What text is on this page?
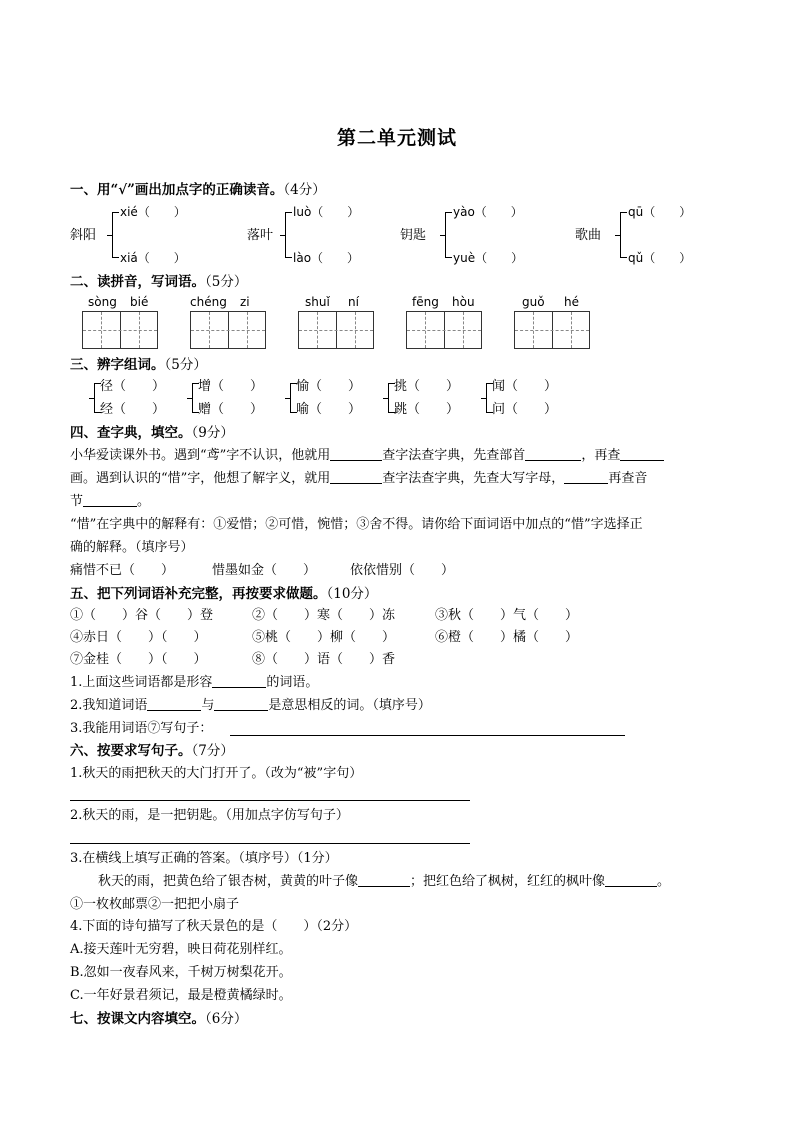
第二单元测试
一、用“√”画出加点字的正确读音。（4分）
斜阳
xié（　　）
xiá（　　）
落叶
luò（　　）
lào（　　）
钥匙
yào（　　）
yuè（　　）
歌曲
qū（　　）
qǔ（　　）
二、读拼音，写词语。（5分）
sòng bié	chéng zi	shuǐ ní	fēng hòu	guǒ hé
三、辨字组词。（5分）
径（　　）
经（　　）
增（　　）
赠（　　）
愉（　　）
喻（　　）
挑（　　）
跳（　　）
闻（　　）
问（　　）
四、查字典，填空。（9分）
小华爱读课外书。遇到“鸢”字不认识，他就用	查字法查字典，先查部首	，再查
画。遇到认识的“惜”字，他想了解字义，就用	查字法查字典，先查大写字母，	再查音
节	。
“惜”在字典中的解释有：①爱惜；②可惜，惋惜；③舍不得。请你给下面词语中加点的“惜”字选择正
确的解释。（填序号）
痛惜不已（　　）	惜墨如金（　　）	依依惜别（　　）
五、把下列词语补充完整，再按要求做题。（10分）
①（　　）谷（　　）登	②（　　）寒（　　）冻	③秋（　　）气（　　）
④赤日（　　）（　　）	⑤桃（　　）柳（　　）	⑥橙（　　）橘（　　）
⑦金桂（　　）（　　）	⑧（　　）语（　　）香
1.上面这些词语都是形容	的词语。
2.我知道词语	与	是意思相反的词。（填序号）
3.我能用词语⑦写句子：
六、按要求写句子。（7分）
1.秋天的雨把秋天的大门打开了。（改为“被”字句）
2.秋天的雨，是一把钥匙。（用加点字仿写句子）
3.在横线上填写正确的答案。（填序号）（1分）
秋天的雨，把黄色给了银杏树，黄黄的叶子像	；把红色给了枫树，红红的枫叶像	。
①一枚枚邮票②一把把小扇子
4.下面的诗句描写了秋天景色的是（　　）（2分）
A.接天莲叶无穷碧，映日荷花别样红。
B.忽如一夜春风来，千树万树梨花开。
C.一年好景君须记，最是橙黄橘绿时。
七、按课文内容填空。（6分）
